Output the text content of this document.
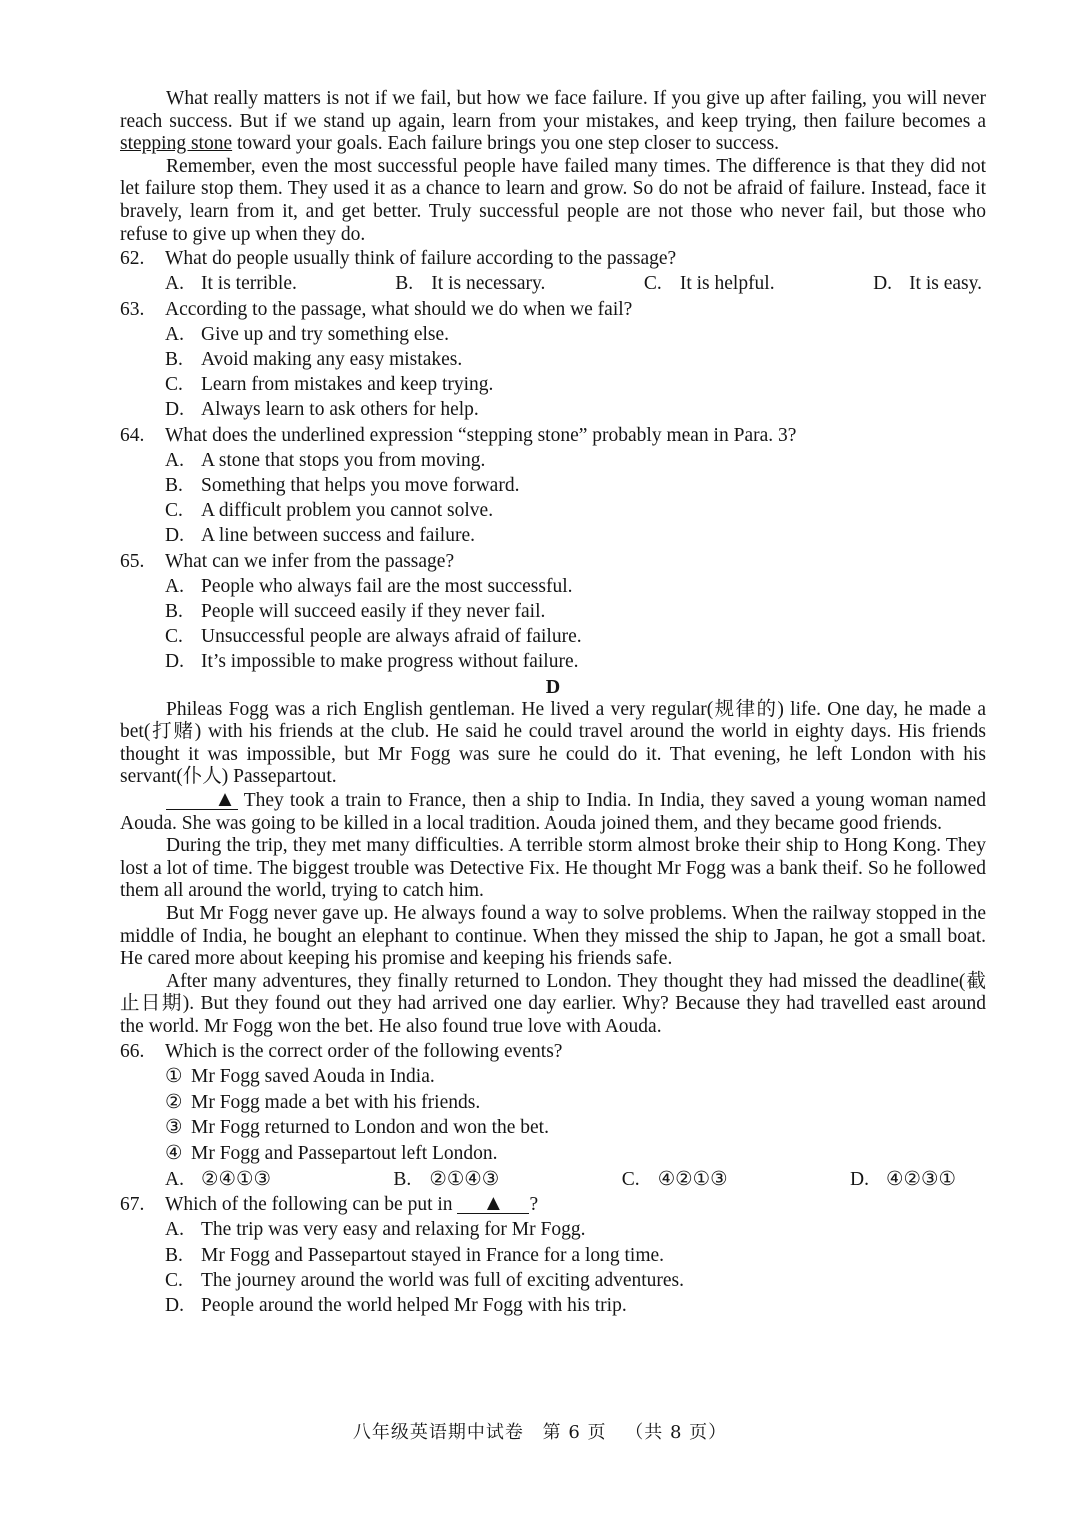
What really matters is not if we fail, but how we face failure. If you give up after failing, you will never reach success. But if we stand up again, learn from your mistakes, and keep trying, then failure becomes a stepping stone toward your goals. Each failure brings you one step closer to success.

Remember, even the most successful people have failed many times. The difference is that they did not let failure stop them. They used it as a chance to learn and grow. So do not be afraid of failure. Instead, face it bravely, learn from it, and get better. Truly successful people are not those who never fail, but those who refuse to give up when they do.

62.	What do people usually think of failure according to the passage?
A. It is terrible.	B. It is necessary.	C. It is helpful.	D. It is easy.
63.	According to the passage, what should we do when we fail?
A. Give up and try something else.
B. Avoid making any easy mistakes.
C. Learn from mistakes and keep trying.
D. Always learn to ask others for help.
64.	What does the underlined expression “stepping stone” probably mean in Para. 3?
A. A stone that stops you from moving.
B. Something that helps you move forward.
C. A difficult problem you cannot solve.
D. A line between success and failure.
65.	What can we infer from the passage?
A. People who always fail are the most successful.
B. People will succeed easily if they never fail.
C. Unsuccessful people are always afraid of failure.
D. It’s impossible to make progress without failure.
D

Phileas Fogg was a rich English gentleman. He lived a very regular(规律的) life. One day, he made a bet(打赌) with his friends at the club. He said he could travel around the world in eighty days. His friends thought it was impossible, but Mr Fogg was sure he could do it. That evening, he left London with his servant(仆人) Passepartout.

▲ They took a train to France, then a ship to India. In India, they saved a young woman named Aouda. She was going to be killed in a local tradition. Aouda joined them, and they became good friends.

During the trip, they met many difficulties. A terrible storm almost broke their ship to Hong Kong. They lost a lot of time. The biggest trouble was Detective Fix. He thought Mr Fogg was a bank theif. So he followed them all around the world, trying to catch him.

But Mr Fogg never gave up. He always found a way to solve problems. When the railway stopped in the middle of India, he bought an elephant to continue. When they missed the ship to Japan, he got a small boat. He cared more about keeping his promise and keeping his friends safe.

After many adventures, they finally returned to London. They thought they had missed the deadline(截止日期). But they found out they had arrived one day earlier. Why? Because they had travelled east around the world. Mr Fogg won the bet. He also found true love with Aouda.

66.	Which is the correct order of the following events?
① Mr Fogg saved Aouda in India.
② Mr Fogg made a bet with his friends.
③ Mr Fogg returned to London and won the bet.
④ Mr Fogg and Passepartout left London.
A. ②④①③	B. ②①④③	C. ④②①③	D. ④②③①
67.	Which of the following can be put in ▲ ?
A. The trip was very easy and relaxing for Mr Fogg.
B. Mr Fogg and Passepartout stayed in France for a long time.
C. The journey around the world was full of exciting adventures.
D. People around the world helped Mr Fogg with his trip.
八年级英语期中试卷 第 6 页 （共 8 页）
